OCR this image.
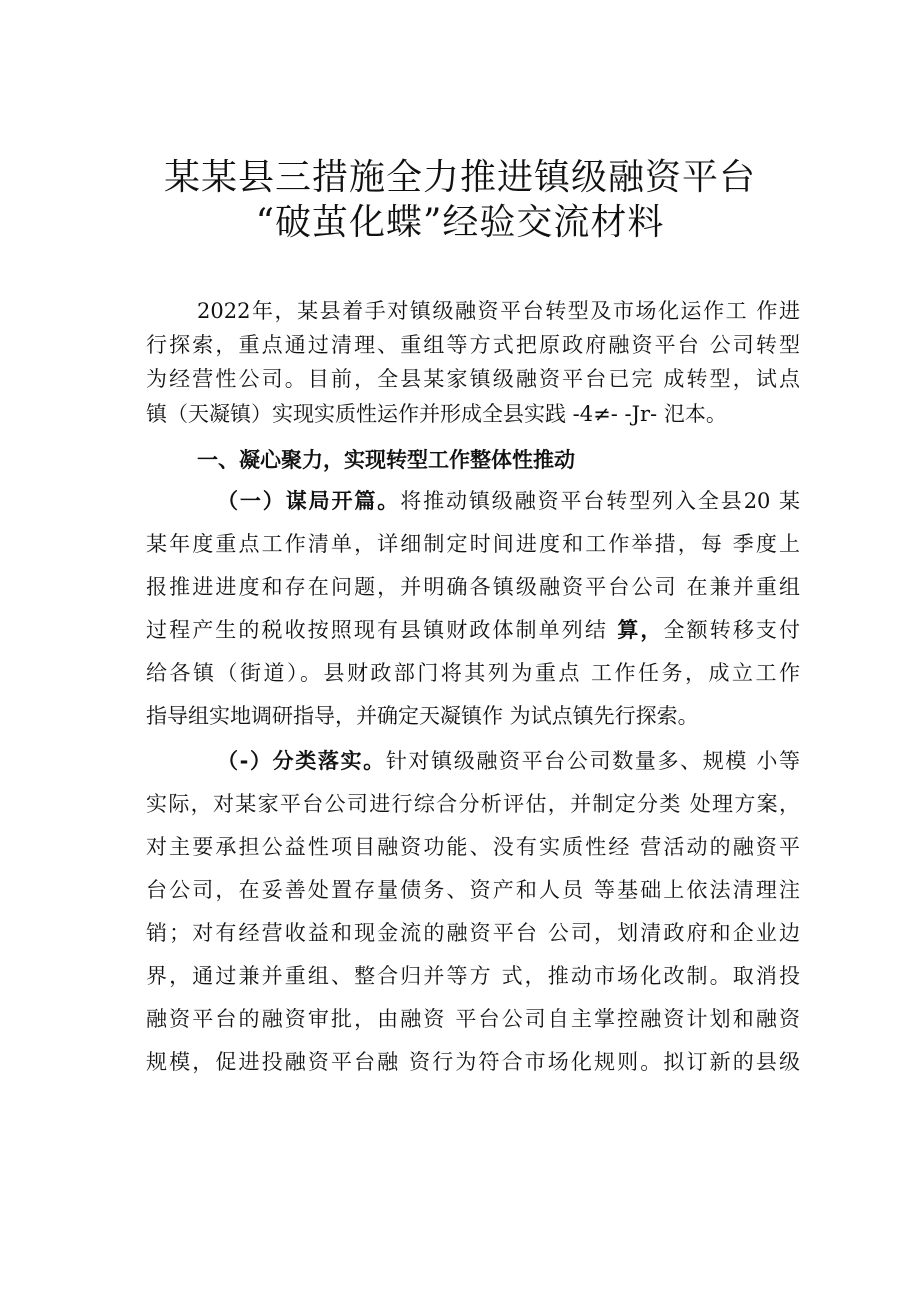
某某县三措施全力推进镇级融资平台
“破茧化蝶”经验交流材料
2022年，某县着手对镇级融资平台转型及市场化运作工 作进
行探索，重点通过清理、重组等方式把原政府融资平台 公司转型
为经营性公司。目前，全县某家镇级融资平台已完 成转型，试点
镇（天凝镇）实现实质性运作并形成全县实践 -4≠- -Jr- 氾本。
一、凝心聚力，实现转型工作整体性推动
（一）谋局开篇。将推动镇级融资平台转型列入全县20 某
某年度重点工作清单，详细制定时间进度和工作举措，每 季度上
报推进进度和存在问题，并明确各镇级融资平台公司 在兼并重组
过程产生的税收按照现有县镇财政体制单列结 算，全额转移支付
给各镇（街道）。县财政部门将其列为重点 工作任务，成立工作
指导组实地调研指导，并确定天凝镇作 为试点镇先行探索。
（-）分类落实。针对镇级融资平台公司数量多、规模 小等
实际，对某家平台公司进行综合分析评估，并制定分类 处理方案，
对主要承担公益性项目融资功能、没有实质性经 营活动的融资平
台公司，在妥善处置存量债务、资产和人员 等基础上依法清理注
销；对有经营收益和现金流的融资平台 公司，划清政府和企业边
界，通过兼并重组、整合归并等方 式，推动市场化改制。取消投
融资平台的融资审批，由融资 平台公司自主掌控融资计划和融资
规模，促进投融资平台融 资行为符合市场化规则。拟订新的县级
